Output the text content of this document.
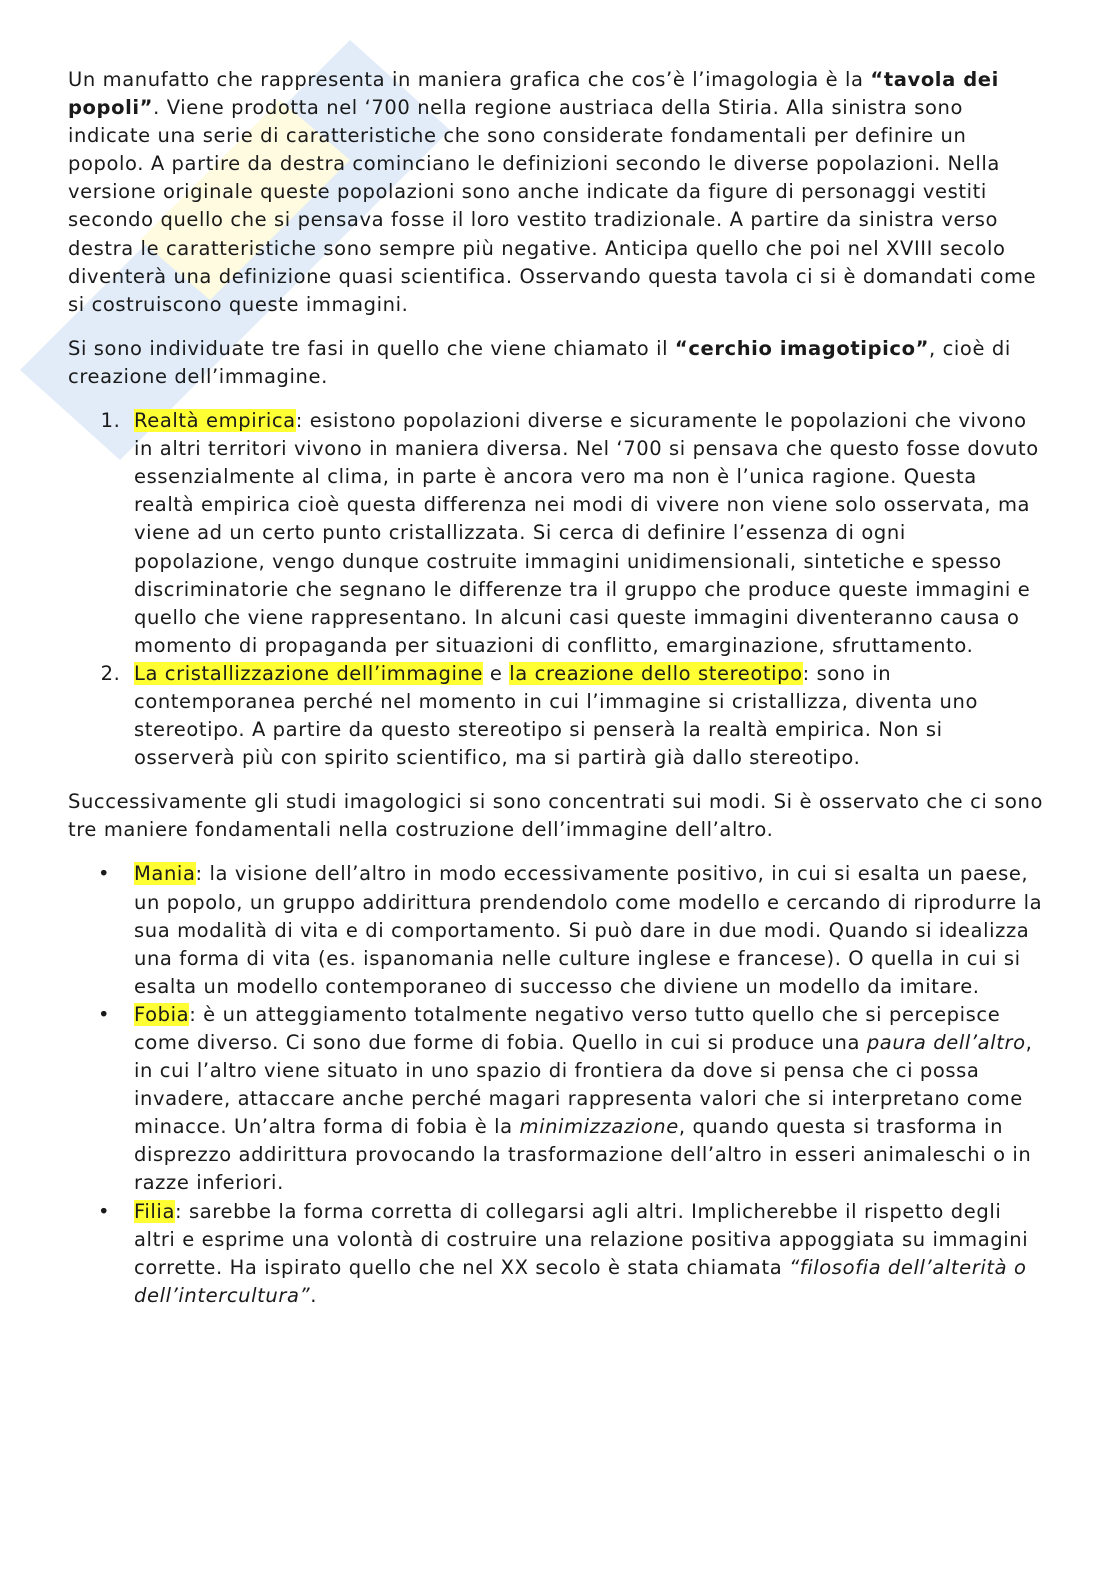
Un manufatto che rappresenta in maniera grafica che cos’è l’imagologia è la “tavola dei popoli”. Viene prodotta nel ‘700 nella regione austriaca della Stiria. Alla sinistra sono indicate una serie di caratteristiche che sono considerate fondamentali per definire un popolo. A partire da destra cominciano le definizioni secondo le diverse popolazioni. Nella versione originale queste popolazioni sono anche indicate da figure di personaggi vestiti secondo quello che si pensava fosse il loro vestito tradizionale. A partire da sinistra verso destra le caratteristiche sono sempre più negative. Anticipa quello che poi nel XVIII secolo diventerà una definizione quasi scientifica. Osservando questa tavola ci si è domandati come si costruiscono queste immagini.

Si sono individuate tre fasi in quello che viene chiamato il “cerchio imagotipico”, cioè di creazione dell’immagine.

1. Realtà empirica: esistono popolazioni diverse e sicuramente le popolazioni che vivono in altri territori vivono in maniera diversa. Nel ‘700 si pensava che questo fosse dovuto essenzialmente al clima, in parte è ancora vero ma non è l’unica ragione. Questa realtà empirica cioè questa differenza nei modi di vivere non viene solo osservata, ma viene ad un certo punto cristallizzata. Si cerca di definire l’essenza di ogni popolazione, vengo dunque costruite immagini unidimensionali, sintetiche e spesso discriminatorie che segnano le differenze tra il gruppo che produce queste immagini e quello che viene rappresentano. In alcuni casi queste immagini diventeranno causa o momento di propaganda per situazioni di conflitto, emarginazione, sfruttamento.
2. La cristallizzazione dell’immagine e la creazione dello stereotipo: sono in contemporanea perché nel momento in cui l’immagine si cristallizza, diventa uno stereotipo. A partire da questo stereotipo si penserà la realtà empirica. Non si osserverà più con spirito scientifico, ma si partirà già dallo stereotipo.

Successivamente gli studi imagologici si sono concentrati sui modi. Si è osservato che ci sono tre maniere fondamentali nella costruzione dell’immagine dell’altro.

• Mania: la visione dell’altro in modo eccessivamente positivo, in cui si esalta un paese, un popolo, un gruppo addirittura prendendolo come modello e cercando di riprodurre la sua modalità di vita e di comportamento. Si può dare in due modi. Quando si idealizza una forma di vita (es. ispanomania nelle culture inglese e francese). O quella in cui si esalta un modello contemporaneo di successo che diviene un modello da imitare.
• Fobia: è un atteggiamento totalmente negativo verso tutto quello che si percepisce come diverso. Ci sono due forme di fobia. Quello in cui si produce una paura dell’altro, in cui l’altro viene situato in uno spazio di frontiera da dove si pensa che ci possa invadere, attaccare anche perché magari rappresenta valori che si interpretano come minacce. Un’altra forma di fobia è la minimizzazione, quando questa si trasforma in disprezzo addirittura provocando la trasformazione dell’altro in esseri animaleschi o in razze inferiori.
• Filia: sarebbe la forma corretta di collegarsi agli altri. Implicherebbe il rispetto degli altri e esprime una volontà di costruire una relazione positiva appoggiata su immagini corrette. Ha ispirato quello che nel XX secolo è stata chiamata “filosofia dell’alterità o dell’intercultura”.
